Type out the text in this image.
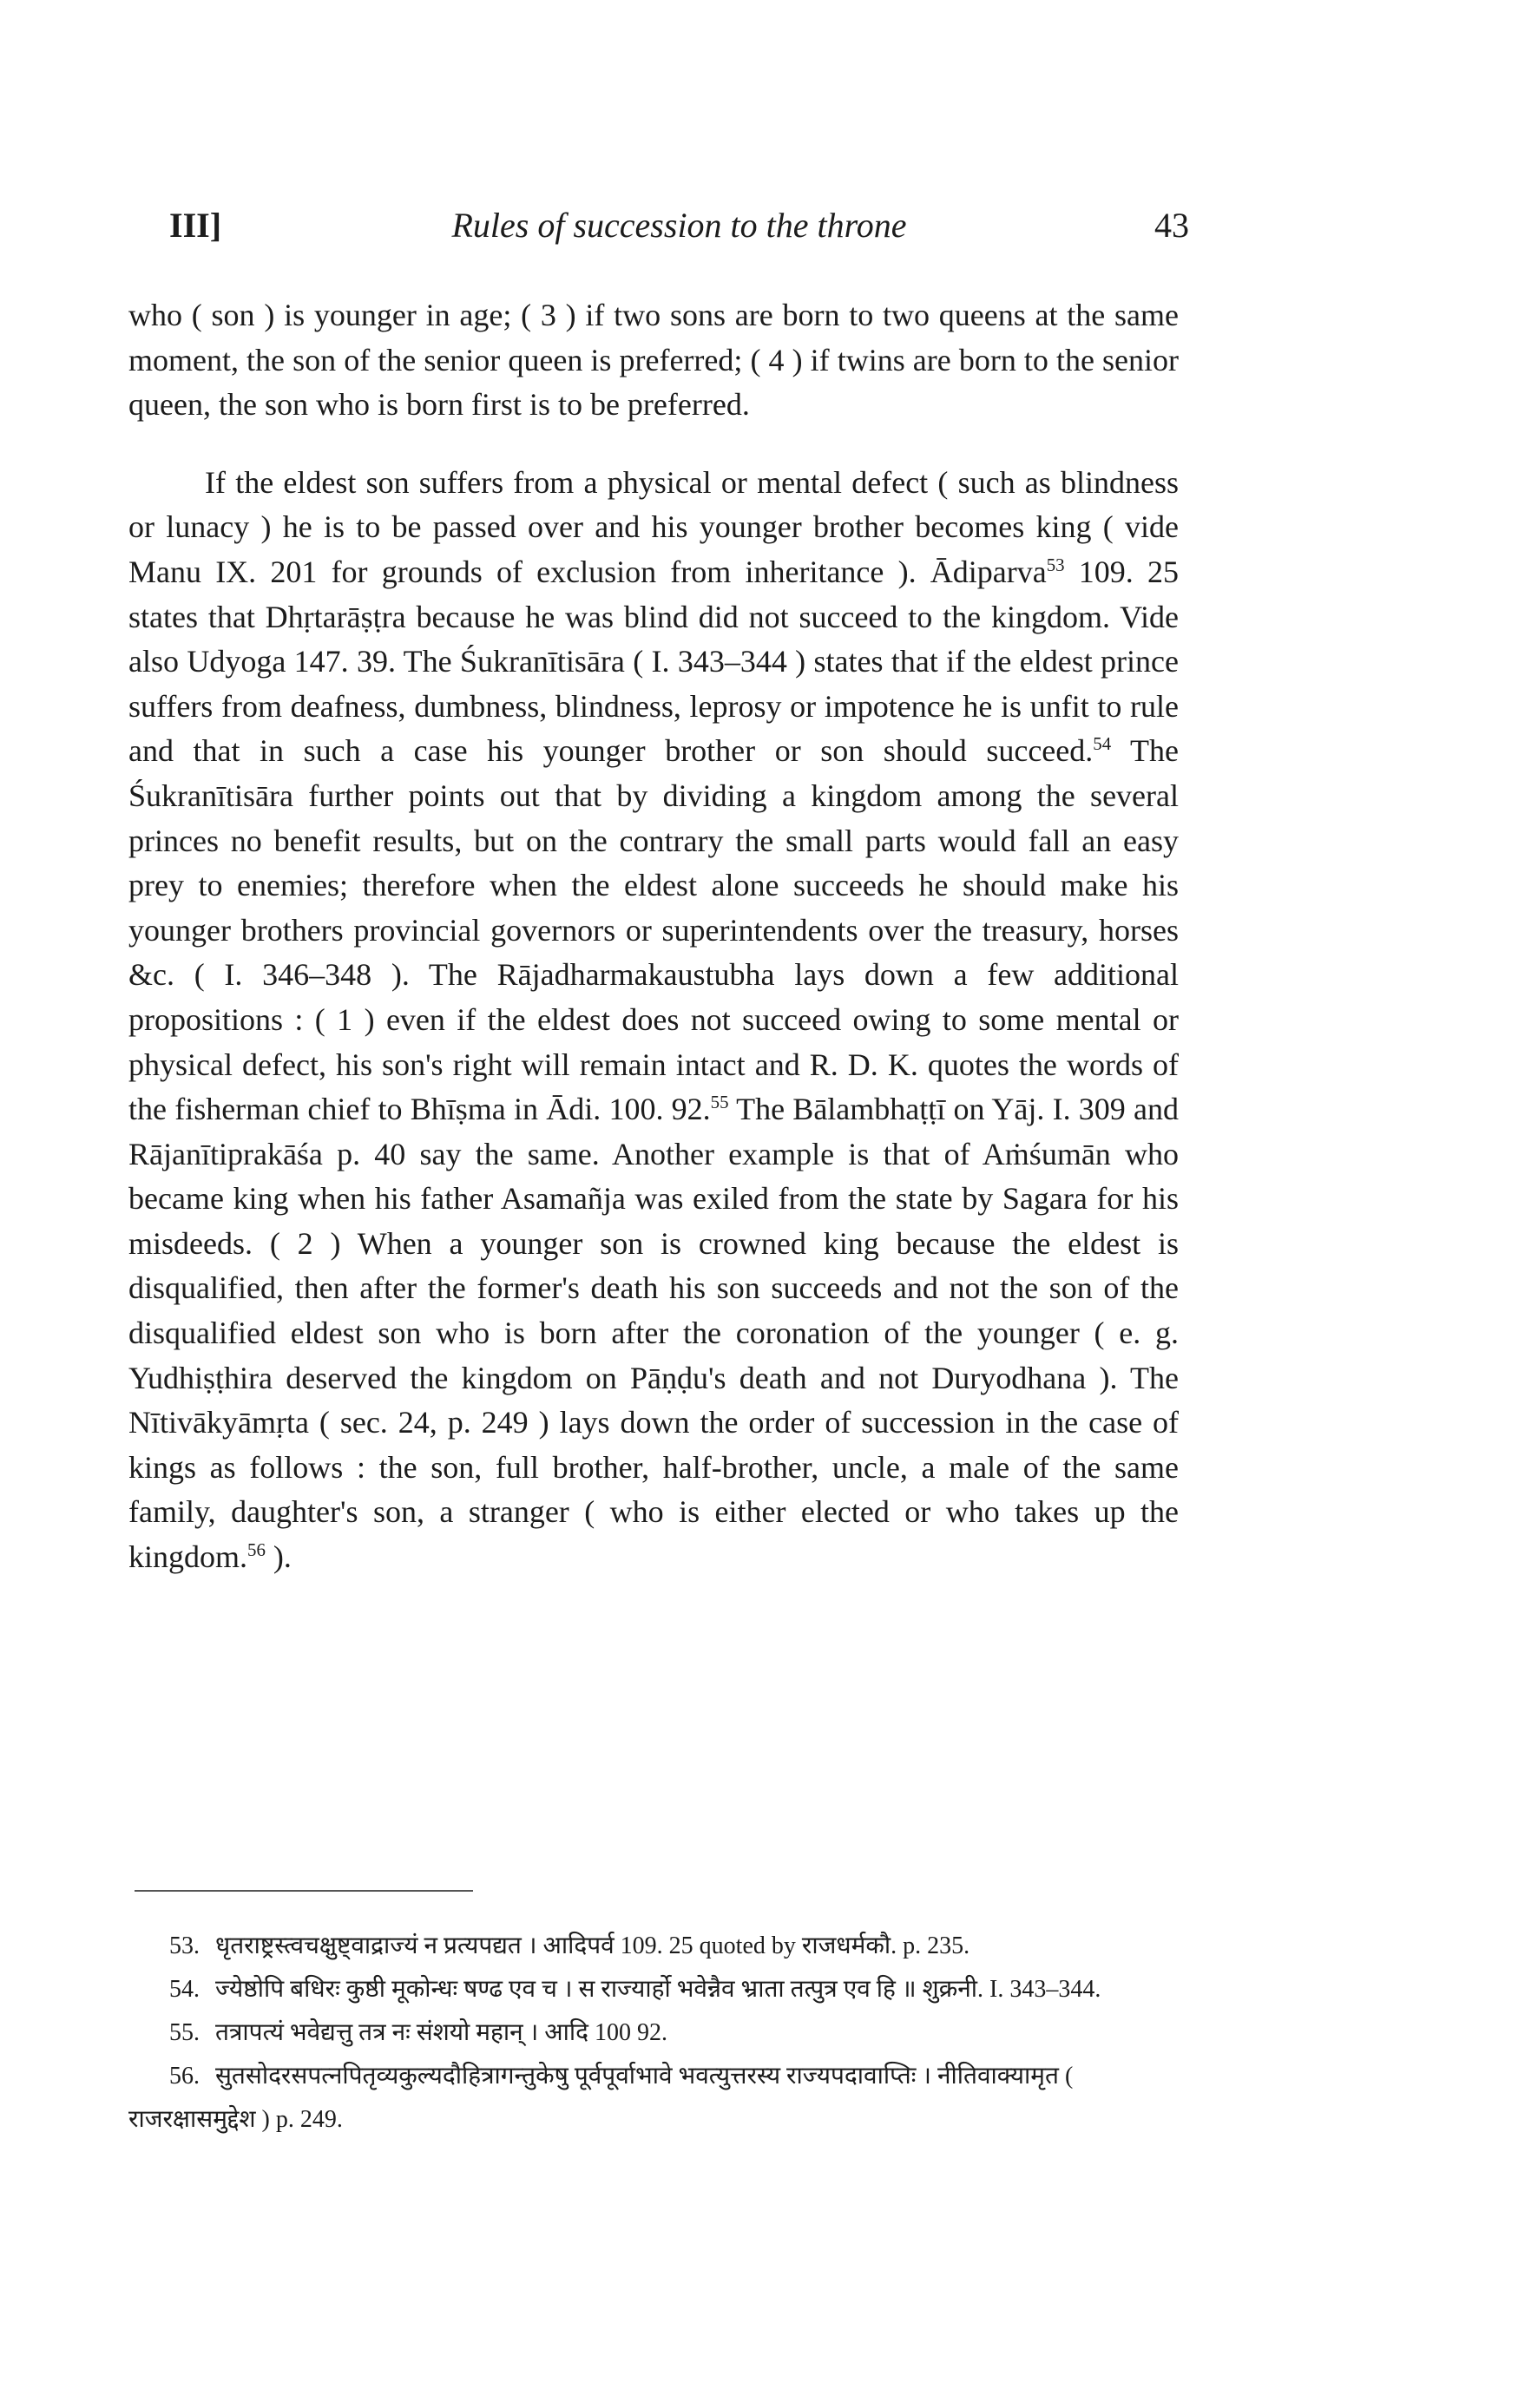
III]	Rules of succession to the throne	43

who ( son ) is younger in age; ( 3 ) if two sons are born to two queens at the same moment, the son of the senior queen is preferred; ( 4 ) if twins are born to the senior queen, the son who is born first is to be preferred.

If the eldest son suffers from a physical or mental defect ( such as blindness or lunacy ) he is to be passed over and his younger brother becomes king ( vide Manu IX. 201 for grounds of exclusion from inheritance ). Ādiparva$^{53}$ 109. 25 states that Dhṛtarāṣṭra because he was blind did not succeed to the kingdom. Vide also Udyoga 147. 39. The Śukranītisāra ( I. 343–344 ) states that if the eldest prince suffers from deafness, dumbness, blindness, leprosy or impotence he is unfit to rule and that in such a case his younger brother or son should succeed.$^{54}$ The Śukranītisāra further points out that by dividing a kingdom among the several princes no benefit results, but on the contrary the small parts would fall an easy prey to enemies; therefore when the eldest alone succeeds he should make his younger brothers provincial governors or superintendents over the treasury, horses &c. ( I. 346–348 ). The Rājadharmakaustubha lays down a few additional propositions : ( 1 ) even if the eldest does not succeed owing to some mental or physical defect, his son's right will remain intact and R. D. K. quotes the words of the fisherman chief to Bhīṣma in Ādi. 100. 92.55 The Bālambhaṭṭī on Yāj. I. 309 and Rājanītiprakāśa p. 40 say the same. Another example is that of Aṁśumān who became king when his father Asamañja was exiled from the state by Sagara for his misdeeds. ( 2 ) When a younger son is crowned king because the eldest is disqualified, then after the former's death his son succeeds and not the son of the disqualified eldest son who is born after the coronation of the younger ( e. g. Yudhiṣṭhira deserved the kingdom on Pāṇḍu's death and not Duryodhana ). The Nītivākyāmṛta ( sec. 24, p. 249 ) lays down the order of succession in the case of kings as follows : the son, full brother, half-brother, uncle, a male of the same family, daughter's son, a stranger ( who is either elected or who takes up the kingdom.$^{56}$ ).

53. धृतराष्ट्रस्त्वचक्षुष्ट्वाद्राज्यं न प्रत्यपद्यत । आदिपर्व 109. 25 quoted by राजधर्मकौ. p. 235.

54. ज्येष्ठोपि बधिरः कुष्ठी मूकोन्धः षण्ढ एव च । स राज्यार्हो भवेन्नैव भ्राता तत्पुत्र एव हि ॥ शुक्रनी. I. 343–344.

55. तत्रापत्यं भवेद्यत्तु तत्र नः संशयो महान् । आदि 100 92.

56. सुतसोदरसपत्नपितृव्यकुल्यदौहित्रागन्तुकेषु पूर्वपूर्वाभावे भवत्युत्तरस्य राज्यपदावाप्तिः । नीतिवाक्यामृत ( राजरक्षासमुद्देश ) p. 249.
